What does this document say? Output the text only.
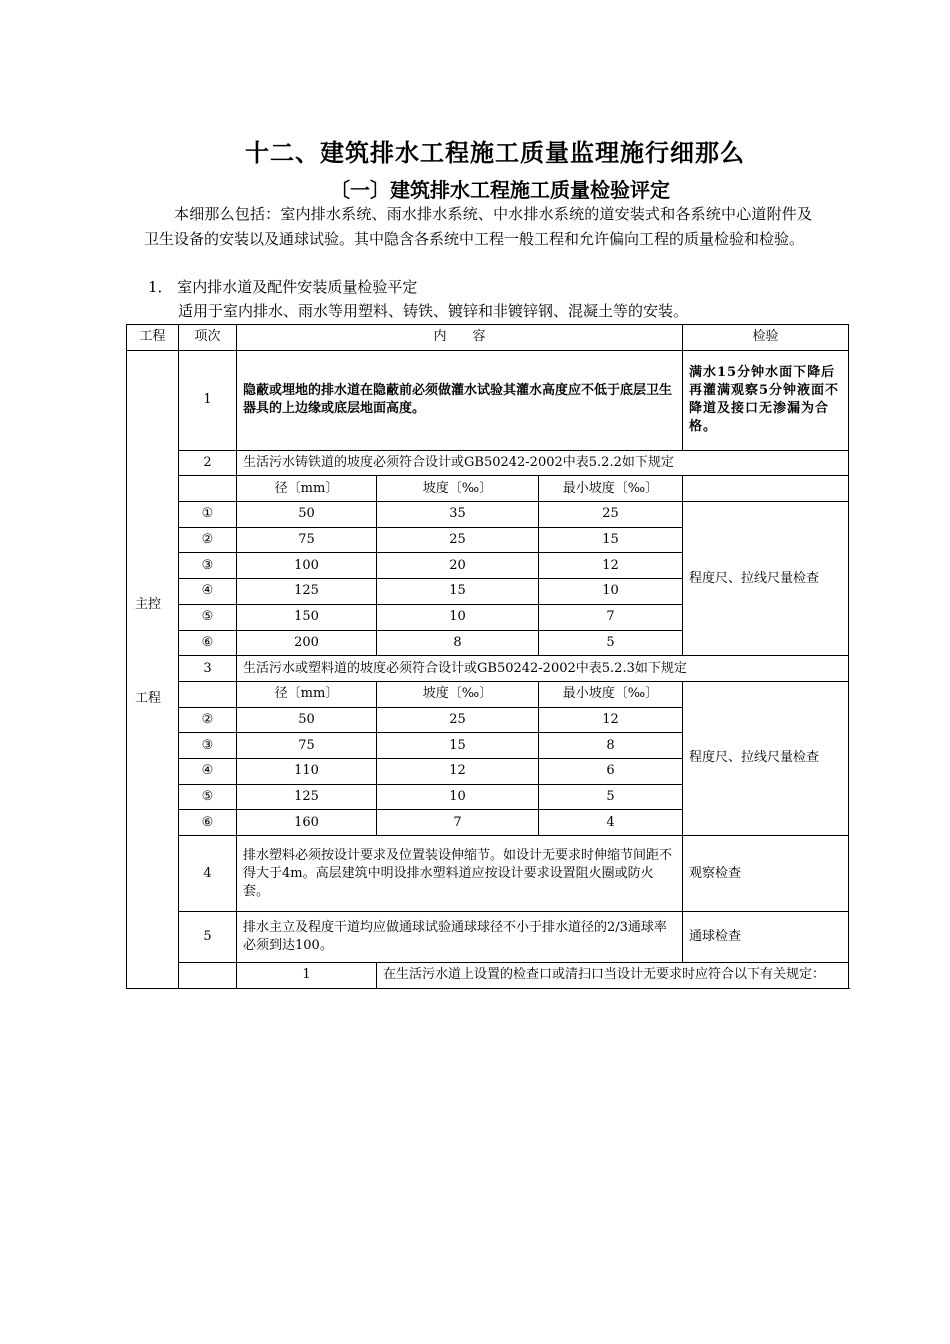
十二、建筑排水工程施工质量监理施行细那么
〔一〕建筑排水工程施工质量检验评定
本细那么包括：室内排水系统、雨水排水系统、中水排水系统的道安装式和各系统中心道附件及卫生设备的安装以及通球试验。其中隐含各系统中工程一般工程和允许偏向工程的质量检验和检验。
1． 室内排水道及配件安装质量检验平定
适用于室内排水、雨水等用塑料、铸铁、镀锌和非镀锌钢、混凝土等的安装。
工程	项次	内　　容			检验

主控
工程	1	隐蔽或埋地的排水道在隐蔽前必须做灌水试验其灌水高度应不低于底层卫生器具的上边缘或底层地面高度。			满水15分钟水面下降后再灌满观察5分钟液面不降道及接口无渗漏为合格。
	2	生活污水铸铁道的坡度必须符合设计或GB50242-2002中表5.2.2如下规定			
		径〔mm〕	坡度〔‰〕	最小坡度〔‰〕	
	①	50	35	25	程度尺、拉线尺量检查
	②	75	25	15	
	③	100	20	12	
	④	125	15	10	
	⑤	150	10	7	
	⑥	200	8	5	
	3	生活污水或塑料道的坡度必须符合设计或GB50242-2002中表5.2.3如下规定			
		径〔mm〕	坡度〔‰〕	最小坡度〔‰〕	程度尺、拉线尺量检查
	②	50	25	12	
	③	75	15	8	
	④	110	12	6	
	⑤	125	10	5	
	⑥	160	7	4	
	4	排水塑料必须按设计要求及位置装设伸缩节。如设计无要求时伸缩节间距不得大于4m。高层建筑中明设排水塑料道应按设计要求设置阻火圈或防火套。			观察检查
	5	排水主立及程度干道均应做通球试验通球球径不小于排水道径的2/3通球率必须到达100。			通球检查
		1	在生活污水道上设置的检查口或清扫口当设计无要求时应符合以下有关规定：		
